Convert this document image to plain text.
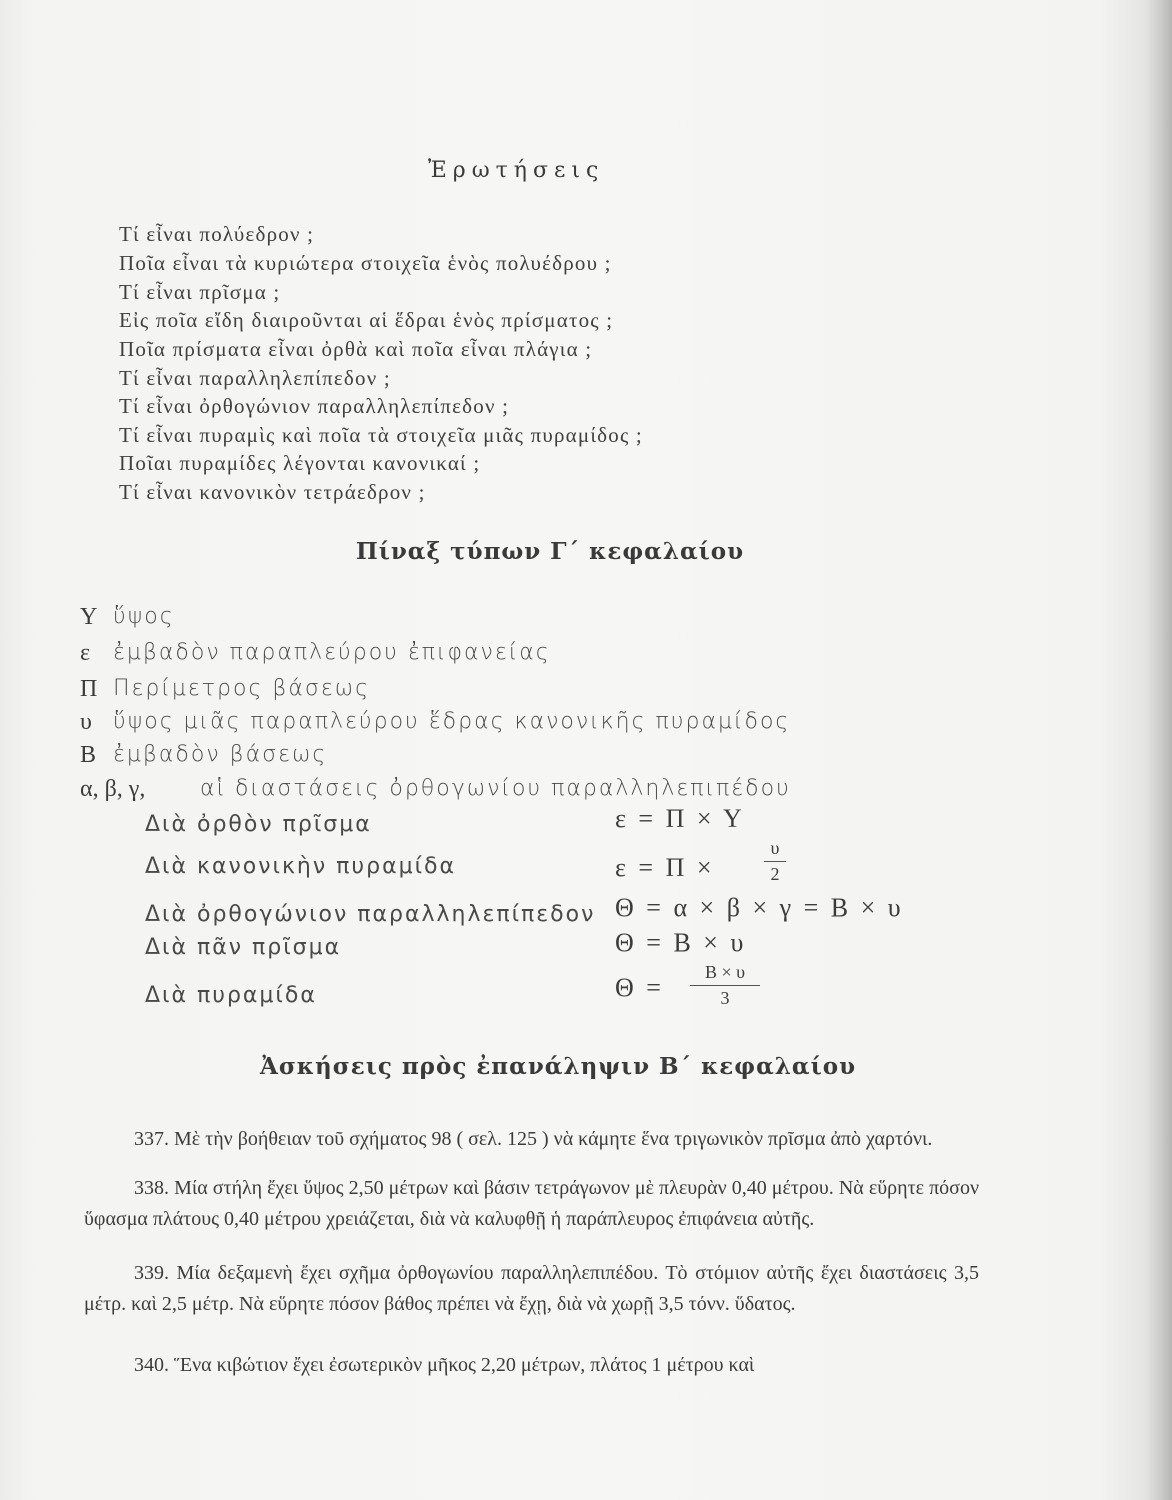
Ἐρωτήσεις
Τί εἶναι πολύεδρον ;
Ποῖα εἶναι τὰ κυριώτερα στοιχεῖα ἑνὸς πολυέδρου ;
Τί εἶναι πρῖσμα ;
Εἰς ποῖα εἴδη διαιροῦνται αἱ ἕδραι ἑνὸς πρίσματος ;
Ποῖα πρίσματα εἶναι ὀρθὰ καὶ ποῖα εἶναι πλάγια ;
Τί εἶναι παραλληλεπίπεδον ;
Τί εἶναι ὀρθογώνιον παραλληλεπίπεδον ;
Τί εἶναι πυραμὶς καὶ ποῖα τὰ στοιχεῖα μιᾶς πυραμίδος ;
Ποῖαι πυραμίδες λέγονται κανονικαί ;
Τί εἶναι κανονικὸν τετράεδρον ;
Πίναξ τύπων Γ΄ κεφαλαίου
Υ ὕψος
ε ἐμβαδὸν παραπλεύρου ἐπιφανείας
Π Περίμετρος βάσεως
υ ὕψος μιᾶς παραπλεύρου ἕδρας κανονικῆς πυραμίδος
Β ἐμβαδὸν βάσεως
α, β, γ, αἱ διαστάσεις ὀρθογωνίου παραλληλεπιπέδου
Διὰ ὀρθὸν πρῖσμα	ε = Π × Υ
Διὰ κανονικὴν πυραμίδα	ε = Π ×
υ
2
Διὰ ὀρθογώνιον παραλληλεπίπεδον Θ = α × β × γ = Β × υ
Διὰ πᾶν πρῖσμα	Θ = Β × υ
Διὰ πυραμίδα	Θ =
Β × υ
3
Ἀσκήσεις πρὸς ἐπανάληψιν Β΄ κεφαλαίου
337. Μὲ τὴν βοήθειαν τοῦ σχήματος 98 ( σελ. 125 ) νὰ κάμητε ἕνα τριγωνικὸν πρῖσμα ἀπὸ χαρτόνι.
338. Μία στήλη ἔχει ὕψος 2,50 μέτρων καὶ βάσιν τετράγωνον μὲ πλευρὰν 0,40 μέτρου. Νὰ εὕρητε πόσον ὕφασμα πλάτους 0,40 μέτρου χρειάζεται, διὰ νὰ καλυφθῇ ἡ παράπλευρος ἐπιφάνεια αὐτῆς.
339. Μία δεξαμενὴ ἔχει σχῆμα ὀρθογωνίου παραλληλεπιπέδου. Τὸ στόμιον αὐτῆς ἔχει διαστάσεις 3,5 μέτρ. καὶ 2,5 μέτρ. Νὰ εὕρητε πόσον βάθος πρέπει νὰ ἔχῃ, διὰ νὰ χωρῇ 3,5 τόνν. ὕδατος.
340. Ἕνα κιβώτιον ἔχει ἐσωτερικὸν μῆκος 2,20 μέτρων, πλάτος 1 μέτρου καὶ
